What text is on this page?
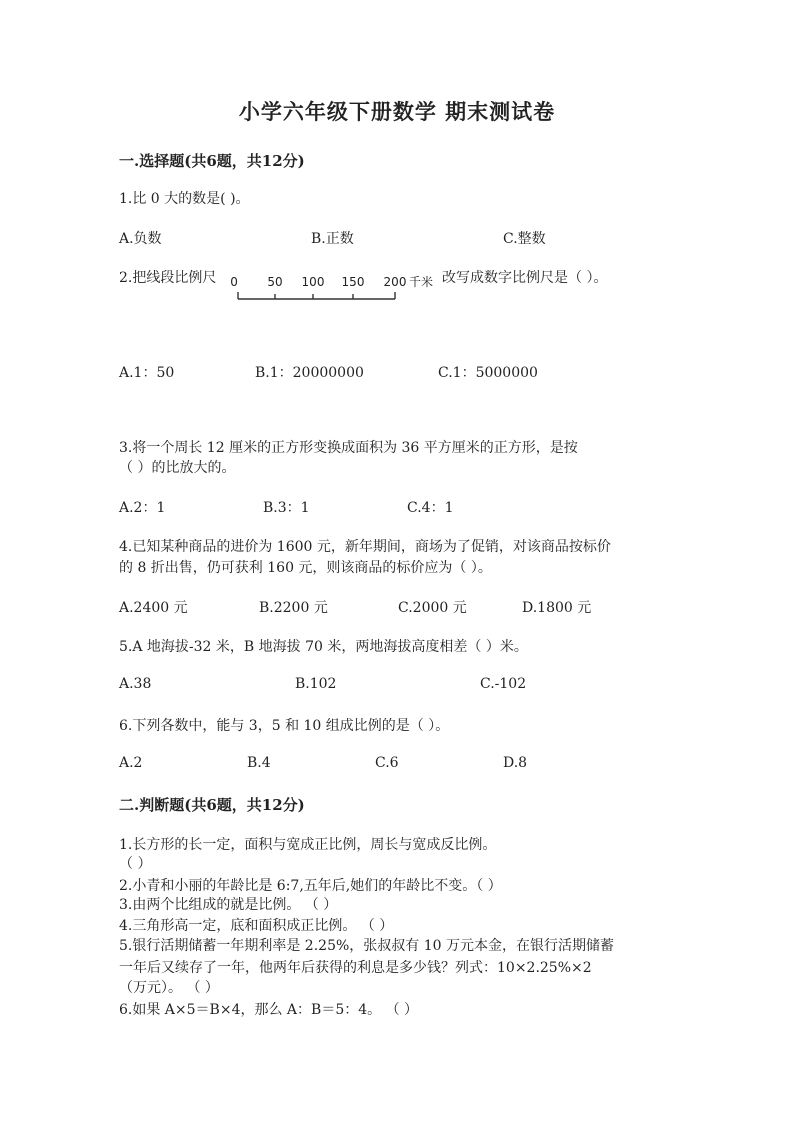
小学六年级下册数学 期末测试卷
一.选择题(共6题，共12分)
1.比 0 大的数是( )。
A.负数	B.正数	C.整数
2.把线段比例尺 0 50 100 150 200 千米 改写成数字比例尺是（ ）。
A.1：50	B.1：20000000	C.1：5000000
3.将一个周长 12 厘米的正方形变换成面积为 36 平方厘米的正方形，是按
（ ）的比放大的。
A.2：1	B.3：1	C.4：1
4.已知某种商品的进价为 1600 元，新年期间，商场为了促销，对该商品按标价
的 8 折出售，仍可获利 160 元，则该商品的标价应为（ ）。
A.2400 元	B.2200 元	C.2000 元	D.1800 元
5.A 地海拔-32 米，B 地海拔 70 米，两地海拔高度相差（ ）米。
A.38	B.102	C.-102
6.下列各数中，能与 3，5 和 10 组成比例的是（ ）。
A.2	B.4	C.6	D.8
二.判断题(共6题，共12分)
1.长方形的长一定，面积与宽成正比例，周长与宽成反比例。
（ ）
2.小青和小丽的年龄比是 6:7,五年后,她们的年龄比不变。（ ）
3.由两个比组成的就是比例。 （ ）
4.三角形高一定，底和面积成正比例。 （ ）
5.银行活期储蓄一年期利率是 2.25%，张叔叔有 10 万元本金，在银行活期储蓄
一年后又续存了一年，他两年后获得的利息是多少钱？列式：10×2.25%×2
（万元）。 （ ）
6.如果 A×5＝B×4，那么 A：B＝5：4。 （ ）
